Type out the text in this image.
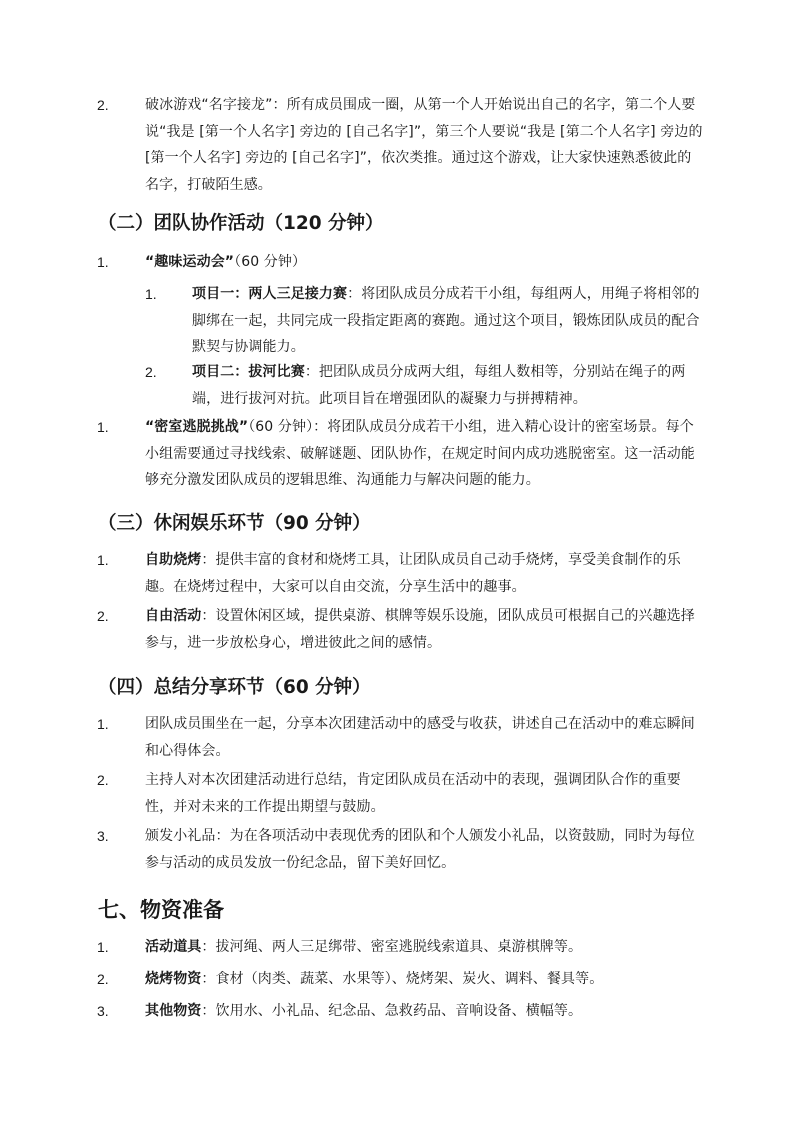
2.	破冰游戏“名字接龙”：所有成员围成一圈，从第一个人开始说出自己的名字，第二个人要说“我是 [第一个人名字] 旁边的 [自己名字]”，第三个人要说“我是 [第二个人名字] 旁边的 [第一个人名字] 旁边的 [自己名字]”，依次类推。通过这个游戏，让大家快速熟悉彼此的名字，打破陌生感。
（二）团队协作活动（120 分钟）
1.	“趣味运动会”（60 分钟）
1.	项目一：两人三足接力赛：将团队成员分成若干小组，每组两人，用绳子将相邻的脚绑在一起，共同完成一段指定距离的赛跑。通过这个项目，锻炼团队成员的配合默契与协调能力。
2.	项目二：拔河比赛：把团队成员分成两大组，每组人数相等，分别站在绳子的两端，进行拔河对抗。此项目旨在增强团队的凝聚力与拼搏精神。
1.	“密室逃脱挑战”（60 分钟）：将团队成员分成若干小组，进入精心设计的密室场景。每个小组需要通过寻找线索、破解谜题、团队协作，在规定时间内成功逃脱密室。这一活动能够充分激发团队成员的逻辑思维、沟通能力与解决问题的能力。
（三）休闲娱乐环节（90 分钟）
1.	自助烧烤：提供丰富的食材和烧烤工具，让团队成员自己动手烧烤，享受美食制作的乐趣。在烧烤过程中，大家可以自由交流，分享生活中的趣事。
2.	自由活动：设置休闲区域，提供桌游、棋牌等娱乐设施，团队成员可根据自己的兴趣选择参与，进一步放松身心，增进彼此之间的感情。
（四）总结分享环节（60 分钟）
1.	团队成员围坐在一起，分享本次团建活动中的感受与收获，讲述自己在活动中的难忘瞬间和心得体会。
2.	主持人对本次团建活动进行总结，肯定团队成员在活动中的表现，强调团队合作的重要性，并对未来的工作提出期望与鼓励。
3.	颁发小礼品：为在各项活动中表现优秀的团队和个人颁发小礼品，以资鼓励，同时为每位参与活动的成员发放一份纪念品，留下美好回忆。
七、物资准备
1.	活动道具：拔河绳、两人三足绑带、密室逃脱线索道具、桌游棋牌等。
2.	烧烤物资：食材（肉类、蔬菜、水果等）、烧烤架、炭火、调料、餐具等。
3.	其他物资：饮用水、小礼品、纪念品、急救药品、音响设备、横幅等。
